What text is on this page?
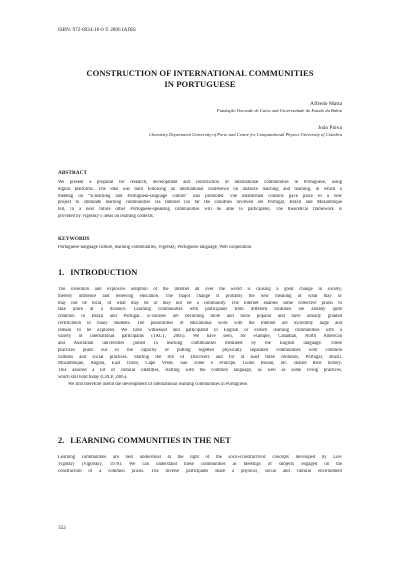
ISBN: 972-8924-10-0 © 2006 IADIS
CONSTRUCTION OF INTERNATIONAL COMMUNITIES
IN PORTUGUESE
Alfredo Matta
Fundação Visconde de Cairu and Universidade do Estado da Bahia
João Paiva
Chemistry Department University of Porto and Centre for Computational Physics University of Coimbra
ABSTRACT
We present a proposal for research, development and construction of international communities in Portuguese, using
digital platforms. The idea was born following an international conference on distance teaching and learning, in which a
meeting on “E-learning and Portuguese-language culture” was promoted. The established contacts gave place to a new
project to stimulate learning communities via Internet (so far the countries involved are Portugal, Brazil and Mozambique
but, in a near future other Portuguese-speaking communities will be able to participate). The theoretical framework is
provided by Vigotsky’s ideas on learning contexts.
KEYWORDS
Portuguese-language culture, learning communities, Vigotsky, Portuguese language, Web cooperation.
1. INTRODUCTION
The invention and explosive adoption of the Internet all over the world is causing a great change in society,
thereby influence and renewing education. The major change is probably the new meaning of what may or
may not be local, of what may be or may not be a community. The Internet enables some collective praxis to
take place at a distance. Learning communities with participants from different locations are already quite
common in Brazil and Portugal. E-courses are becoming more and more popular and have already granted
certification to many students. The possibilities of educational work with the Internet are incredibly large and
remain to be explored. We have witnessed and participated in English or French learning communities with a
variety of international participants (TACT, 2005). We have seen, for example, Canadian, North American
and Australian universities joined in learning communities mediated by the English language. These
practices point out to the capacity of putting together physically separated communities with common
cultures and social practices. Starting the fire of Discovers and for at least three centuries, Portugal, Brazil,
Mozambique, Angola, East Timor, Cape Verde, São Tomé e Príncipe, Guiné Bissau, etc. shared their history.
This assured a lot of cultural identities, starting with the common language, as well as some living practices,
which still hold today (CPLP, 2005).
We find therefore useful the development of international learning communities in Portuguese.
2. LEARNING COMMUNITIES IN THE NET
Learning communities are best understood at the light of the socio-constructivist concepts developed by Liev
Vigotkiy (Vigotskiy, 1978). We can understand these communities as meetings of subjects engaged on the
construction of a common praxis. The diverse participants share a physical, social and cultural environment
352
